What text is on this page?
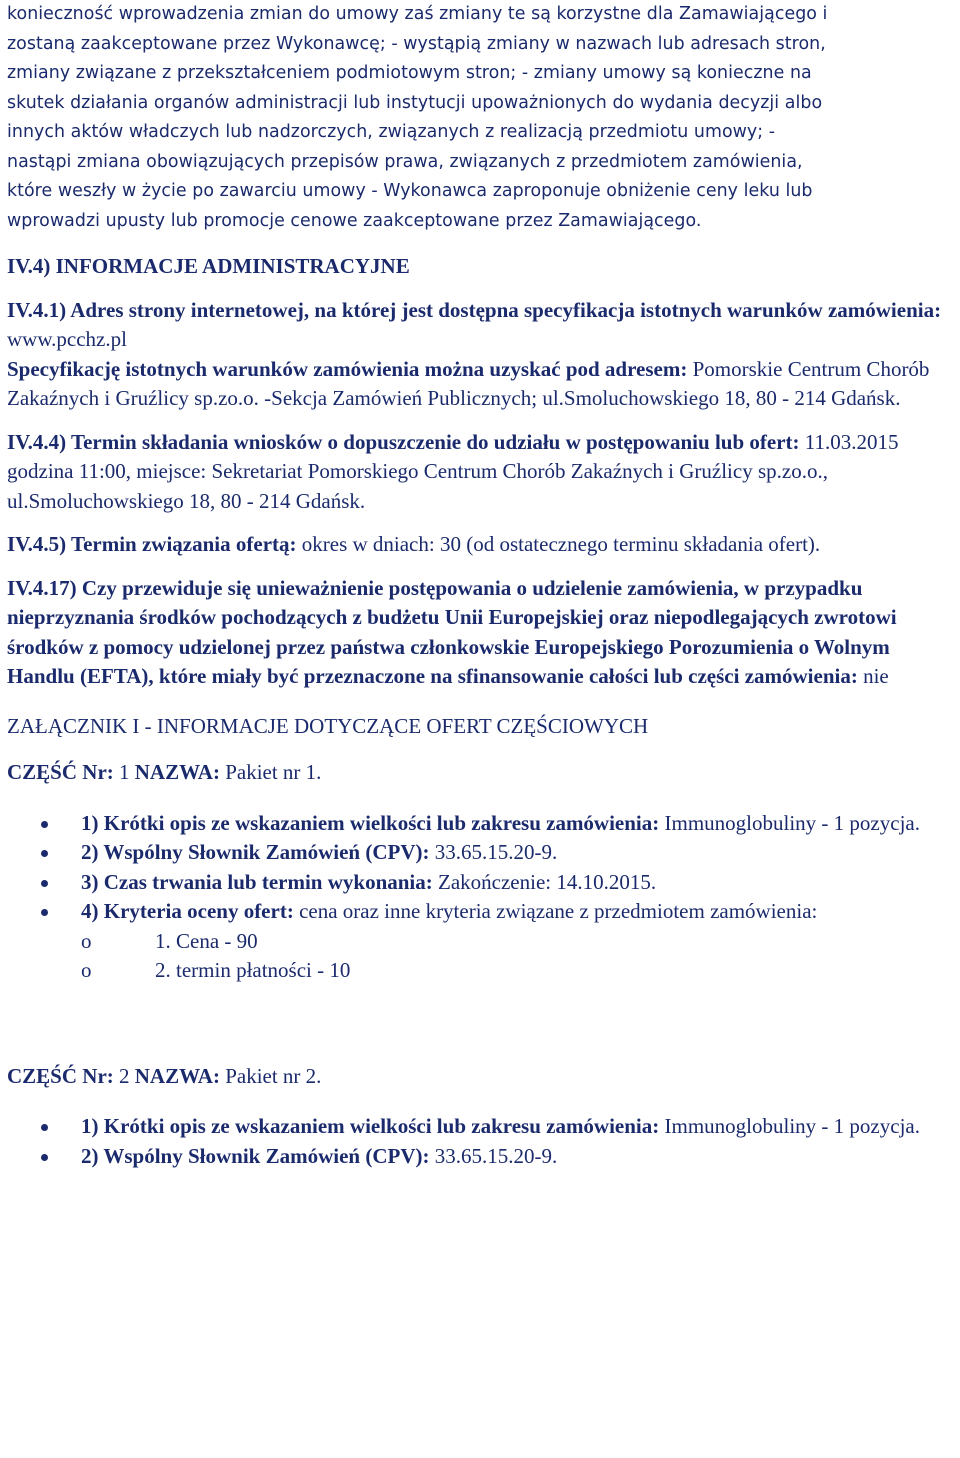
konieczność wprowadzenia zmian do umowy zaś zmiany te są korzystne dla Zamawiającego i
zostaną zaakceptowane przez Wykonawcę; - wystąpią zmiany w nazwach lub adresach stron,
zmiany związane z przekształceniem podmiotowym stron; - zmiany umowy są konieczne na
skutek działania organów administracji lub instytucji upoważnionych do wydania decyzji albo
innych aktów władczych lub nadzorczych, związanych z realizacją przedmiotu umowy; -
nastąpi zmiana obowiązujących przepisów prawa, związanych z przedmiotem zamówienia,
które weszły w życie po zawarciu umowy - Wykonawca zaproponuje obniżenie ceny leku lub
wprowadzi upusty lub promocje cenowe zaakceptowane przez Zamawiającego.
IV.4) INFORMACJE ADMINISTRACYJNE
IV.4.1) Adres strony internetowej, na której jest dostępna specyfikacja istotnych warunków zamówienia: www.pcchz.pl
Specyfikację istotnych warunków zamówienia można uzyskać pod adresem: Pomorskie Centrum Chorób Zakaźnych i Gruźlicy sp.zo.o. -Sekcja Zamówień Publicznych; ul.Smoluchowskiego 18, 80 - 214 Gdańsk.
IV.4.4) Termin składania wniosków o dopuszczenie do udziału w postępowaniu lub ofert: 11.03.2015 godzina 11:00, miejsce: Sekretariat Pomorskiego Centrum Chorób Zakaźnych i Gruźlicy sp.zo.o., ul.Smoluchowskiego 18, 80 - 214 Gdańsk.
IV.4.5) Termin związania ofertą: okres w dniach: 30 (od ostatecznego terminu składania ofert).
IV.4.17) Czy przewiduje się unieważnienie postępowania o udzielenie zamówienia, w przypadku nieprzyznania środków pochodzących z budżetu Unii Europejskiej oraz niepodlegających zwrotowi środków z pomocy udzielonej przez państwa członkowskie Europejskiego Porozumienia o Wolnym Handlu (EFTA), które miały być przeznaczone na sfinansowanie całości lub części zamówienia: nie
ZAŁĄCZNIK I - INFORMACJE DOTYCZĄCE OFERT CZĘŚCIOWYCH
CZĘŚĆ Nr: 1 NAZWA: Pakiet nr 1.
1) Krótki opis ze wskazaniem wielkości lub zakresu zamówienia: Immunoglobuliny - 1 pozycja.
2) Wspólny Słownik Zamówień (CPV): 33.65.15.20-9.
3) Czas trwania lub termin wykonania: Zakończenie: 14.10.2015.
4) Kryteria oceny ofert: cena oraz inne kryteria związane z przedmiotem zamówienia:
o	1. Cena - 90
o	2. termin płatności - 10
CZĘŚĆ Nr: 2 NAZWA: Pakiet nr 2.
1) Krótki opis ze wskazaniem wielkości lub zakresu zamówienia: Immunoglobuliny - 1 pozycja.
2) Wspólny Słownik Zamówień (CPV): 33.65.15.20-9.
